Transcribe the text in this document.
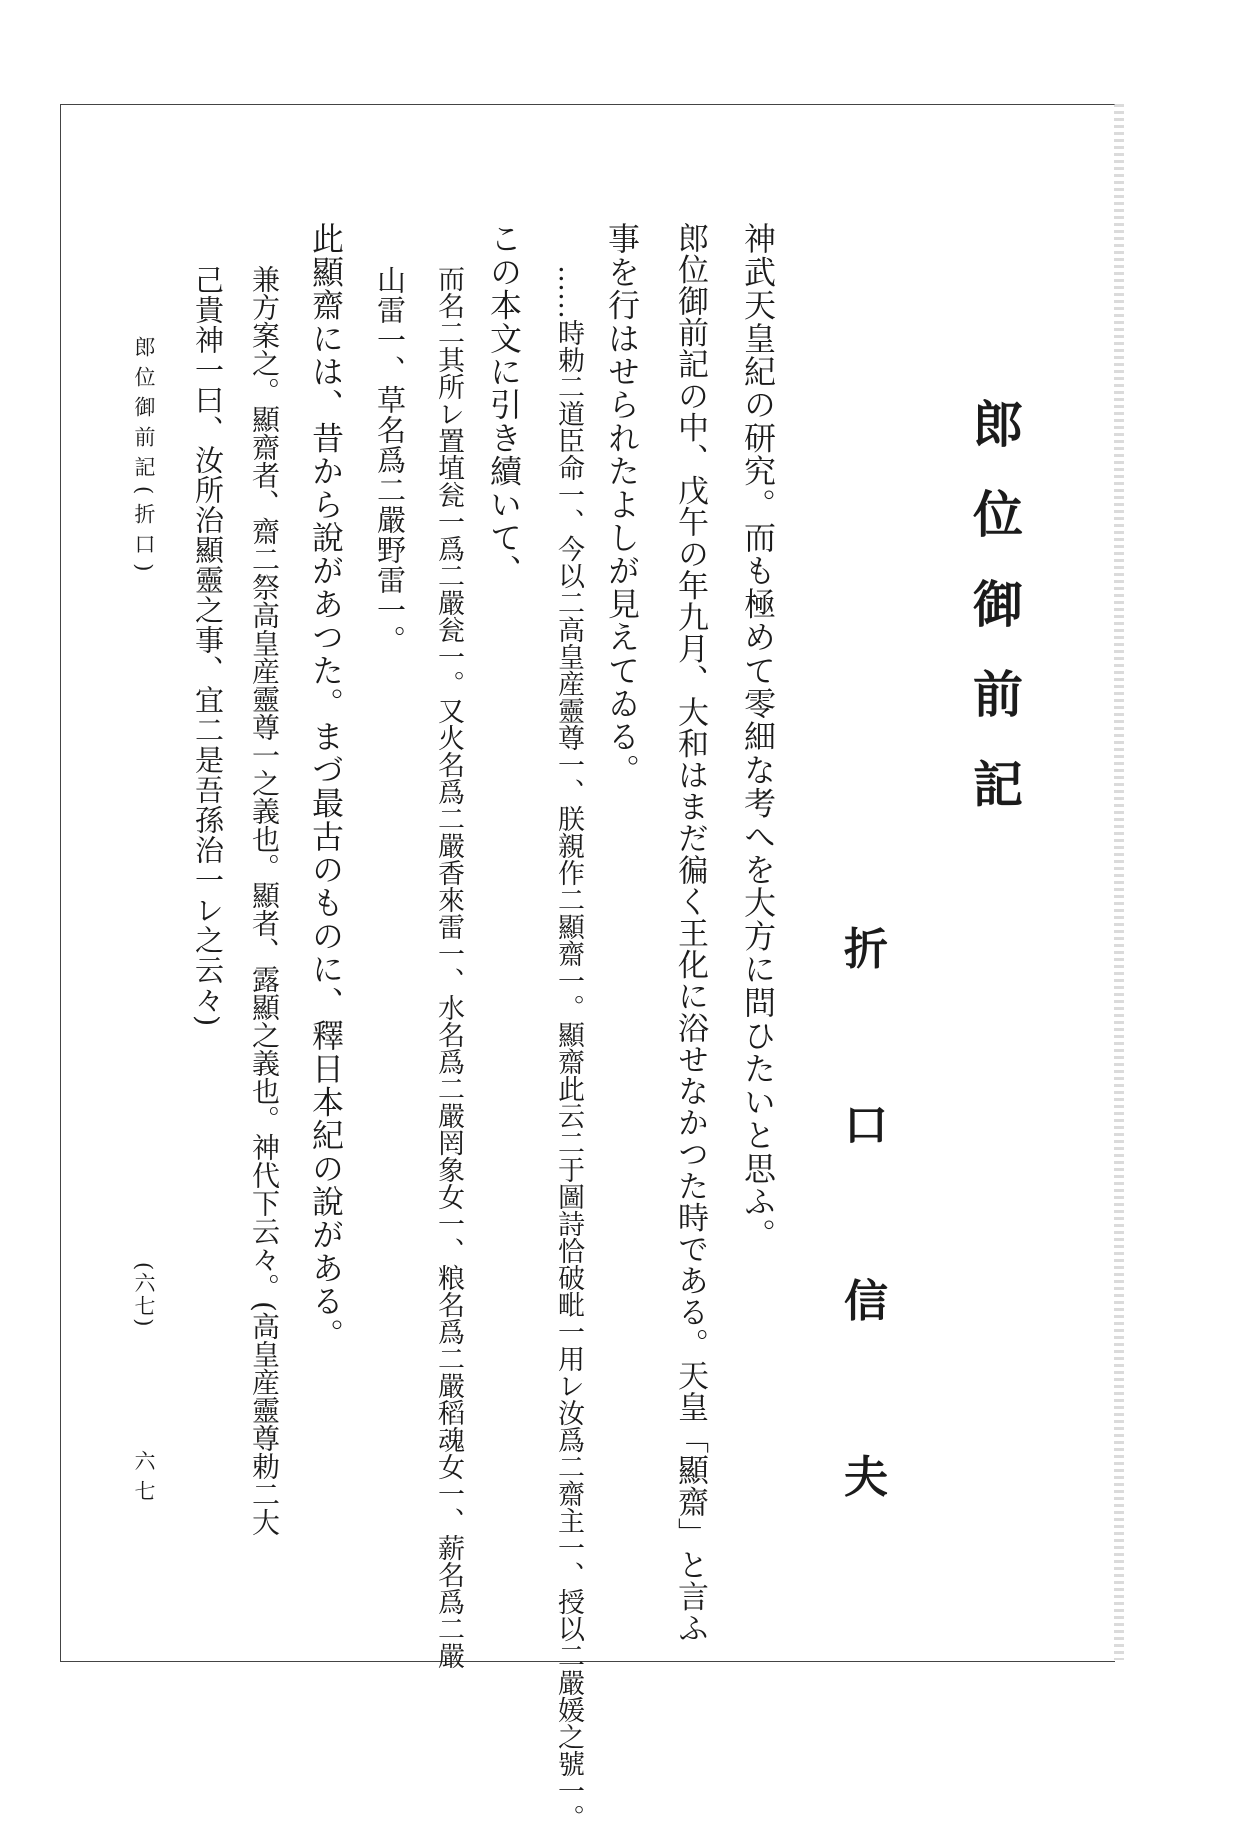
郎
位
御
前
記
折
口
信
夫
神武天皇紀の研究。而も極めて零細な考へを大方に問ひたいと思ふ。
郎位御前記の中、戊午の年九月、大和はまだ徧く王化に浴せなかつた時である。天皇「顯齋」と言ふ
事を行はせられたよしが見えてゐる。
……時勅二道臣命一、今以二高皇産靈尊一、朕親作二顯齋一。顯齋此云二于圖詩恰破毗一用レ汝爲二齋主一、授以二嚴媛之號一。
この本文に引き續いて、
而名二其所レ置埴瓮一爲二嚴瓮一。又火名爲二嚴香來雷一、水名爲二嚴罔象女一、粮名爲二嚴稻魂女一、薪名爲二嚴
山雷一、草名爲二嚴野雷一。
此顯齋には、昔から說があつた。まづ最古のものに、釋日本紀の說がある。
兼方案之。顯齋者、齋二祭高皇産靈尊一之義也。顯者、露顯之義也。神代下云々。(高皇産靈尊勅二大
己貴神一曰、汝所治顯靈之事、宜二是吾孫治一レ之云々)
郎位御前記(折口)
(六七)
六七
